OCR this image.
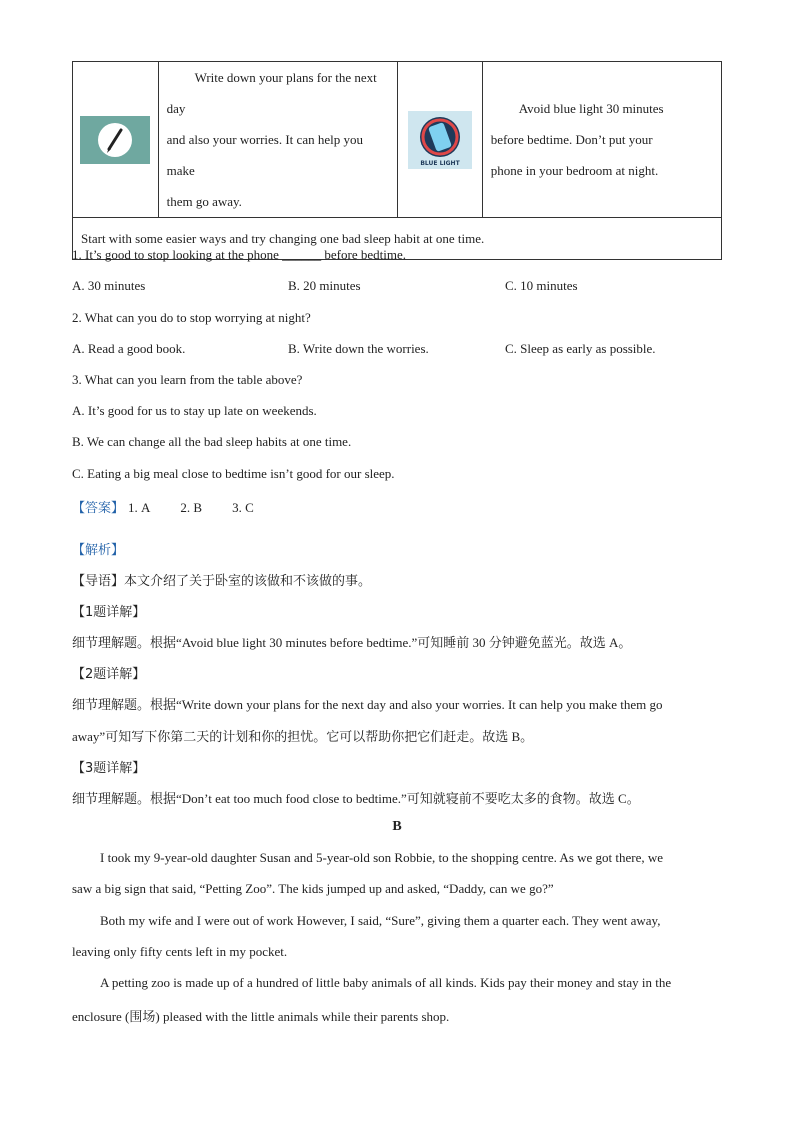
Write down your plans for the next day
and also your worries. It can help you make
them go away.

BLUE LIGHT

Avoid blue light 30 minutes
before bedtime. Don’t put your
phone in your bedroom at night.

Start with some easier ways and try changing one bad sleep habit at one time.
1. It’s good to stop looking at the phone ______ before bedtime.
A. 30 minutes	B. 20 minutes	C. 10 minutes
2. What can you do to stop worrying at night?
A. Read a good book.	B. Write down the worries.	C. Sleep as early as possible.
3. What can you learn from the table above?
A. It’s good for us to stay up late on weekends.
B. We can change all the bad sleep habits at one time.
C. Eating a big meal close to bedtime isn’t good for our sleep.
【答案】 1. A 2. B 3. C
【解析】
【导语】本文介绍了关于卧室的该做和不该做的事。
【1题详解】
细节理解题。根据“Avoid blue light 30 minutes before bedtime.”可知睡前 30 分钟避免蓝光。故选 A。
【2题详解】
细节理解题。根据“Write down your plans for the next day and also your worries. It can help you make them go
away”可知写下你第二天的计划和你的担忧。它可以帮助你把它们赶走。故选 B。
【3题详解】
细节理解题。根据“Don’t eat too much food close to bedtime.”可知就寝前不要吃太多的食物。故选 C。
B
I took my 9-year-old daughter Susan and 5-year-old son Robbie, to the shopping centre. As we got there, we
saw a big sign that said, “Petting Zoo”. The kids jumped up and asked, “Daddy, can we go?”
Both my wife and I were out of work However, I said, “Sure”, giving them a quarter each. They went away,
leaving only fifty cents left in my pocket.
A petting zoo is made up of a hundred of little baby animals of all kinds. Kids pay their money and stay in the
enclosure (围场) pleased with the little animals while their parents shop.
